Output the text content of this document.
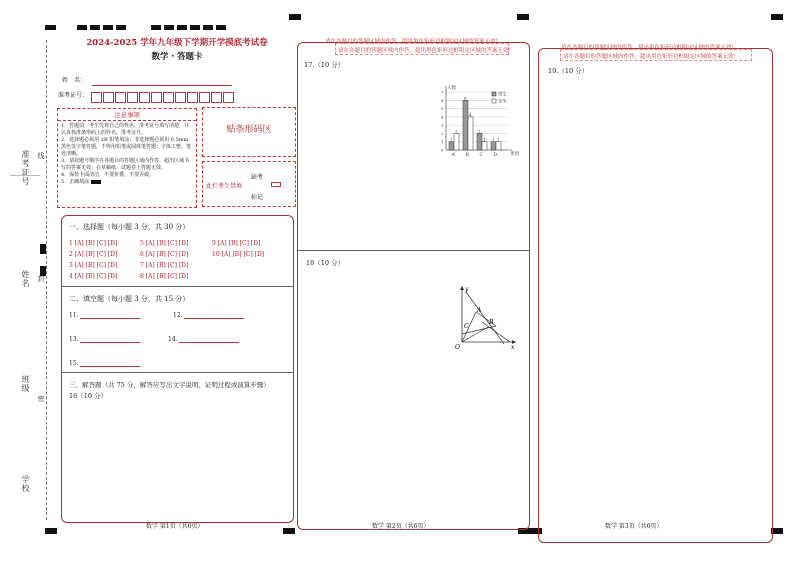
准考证号
姓名
班级
学校
线
封
密
2024-2025 学年九年级下学期开学摸底考试卷
数学・答题卡
姓　名：
准考证号：
注意事项
1．答题前，考生先将自己的姓名、准考证号填写清楚，并认真核准条形码上的姓名、准考证号。
2．选择题必须用 2B 铅笔填涂；非选择题必须用 0.5mm 黑色签字笔答题，不得用铅笔或圆珠笔答题；字体工整、笔迹清晰。
3．请按题号顺序在各题目的答题区域内作答，超出区域书写的答案无效；在草稿纸、试题卷上答题无效。
4．保持卡面清洁，不要折叠，不要弄破。
5．正确填涂
贴条形码区
此栏考生禁填
缺考
标记
一、选择题（每小题 3 分，共 30 分）
1 [A] [B] [C] [D]
2 [A] [B] [C] [D]
3 [A] [B] [C] [D]
4 [A] [B] [C] [D]
5 [A] [B] [C] [D]
6 [A] [B] [C] [D]
7 [A] [B] [C] [D]
8 [A] [B] [C] [D]
9 [A] [B] [C] [D]
10 [A] [B] [C] [D]
二、填空题（每小题 3 分，共 15 分）
11.	12.
13.	14.
15.
三、解答题（共 75 分，解答应写出文字说明、证明过程或演算步骤）
16（10 分）
数学 第1页（共6页）
请在各题目的答题区域内作答，超出黑色矩形边框限定区域的答案无效！
请在各题目的答题区域内作答，超出黑色矩形边框限定区域的答案无效！
17.（10 分）
0
1
2
3
4
5
6
7
人数
类别
1
2
A
6
4
B
2
1
C
1 1
D
男生
女生
18（10 分）
y
x
O
A
B
C
数学 第2页（共6页）
请在各题目的答题区域内作答，超出黑色矩形边框限定区域的答案无效！
请在各题目的答题区域内作答，超出黑色矩形边框限定区域的答案无效！
19.（10 分）
数学 第3页（共6页）
